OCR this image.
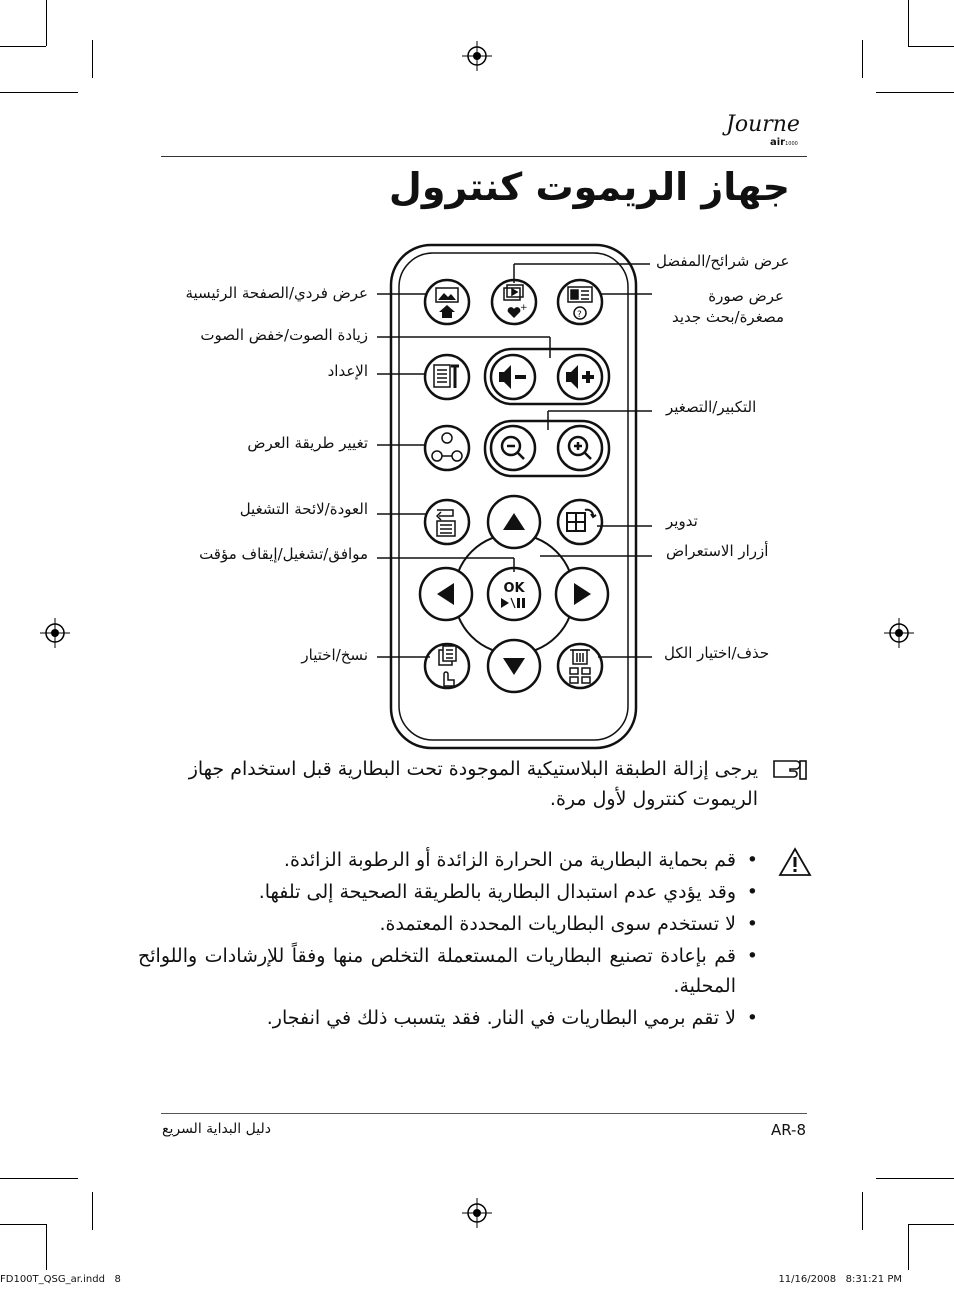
Journe
air1000
جهاز الريموت كنترول
+
?
OK
عرض شرائح/المفضل
عرض فردي/الصفحة الرئيسية	عرض صورة مصغرة/بحث جديد
زيادة الصوت/خفض الصوت
الإعداد
التكبير/التصغير
تغيير طريقة العرض
العودة/لائحة التشغيل
تدوير
أزرار الاستعراض
موافق/تشغيل/إيقاف مؤقت
نسخ/اختيار	حذف/اختيار الكل
يرجى إزالة الطبقة البلاستيكية الموجودة تحت البطارية قبل استخدام جهاز الريموت كنترول لأول مرة.
• قم بحماية البطارية من الحرارة الزائدة أو الرطوبة الزائدة.
• وقد يؤدي عدم استبدال البطارية بالطريقة الصحيحة إلى تلفها.
• لا تستخدم سوى البطاريات المحددة المعتمدة.
• قم بإعادة تصنيع البطاريات المستعملة التخلص منها وفقاً للإرشادات واللوائح المحلية.
• لا تقم برمي البطاريات في النار. فقد يتسبب ذلك في انفجار.
دليل البداية السريع	AR-8
FD100T_QSG_ar.indd   8	11/16/2008   8:31:21 PM
